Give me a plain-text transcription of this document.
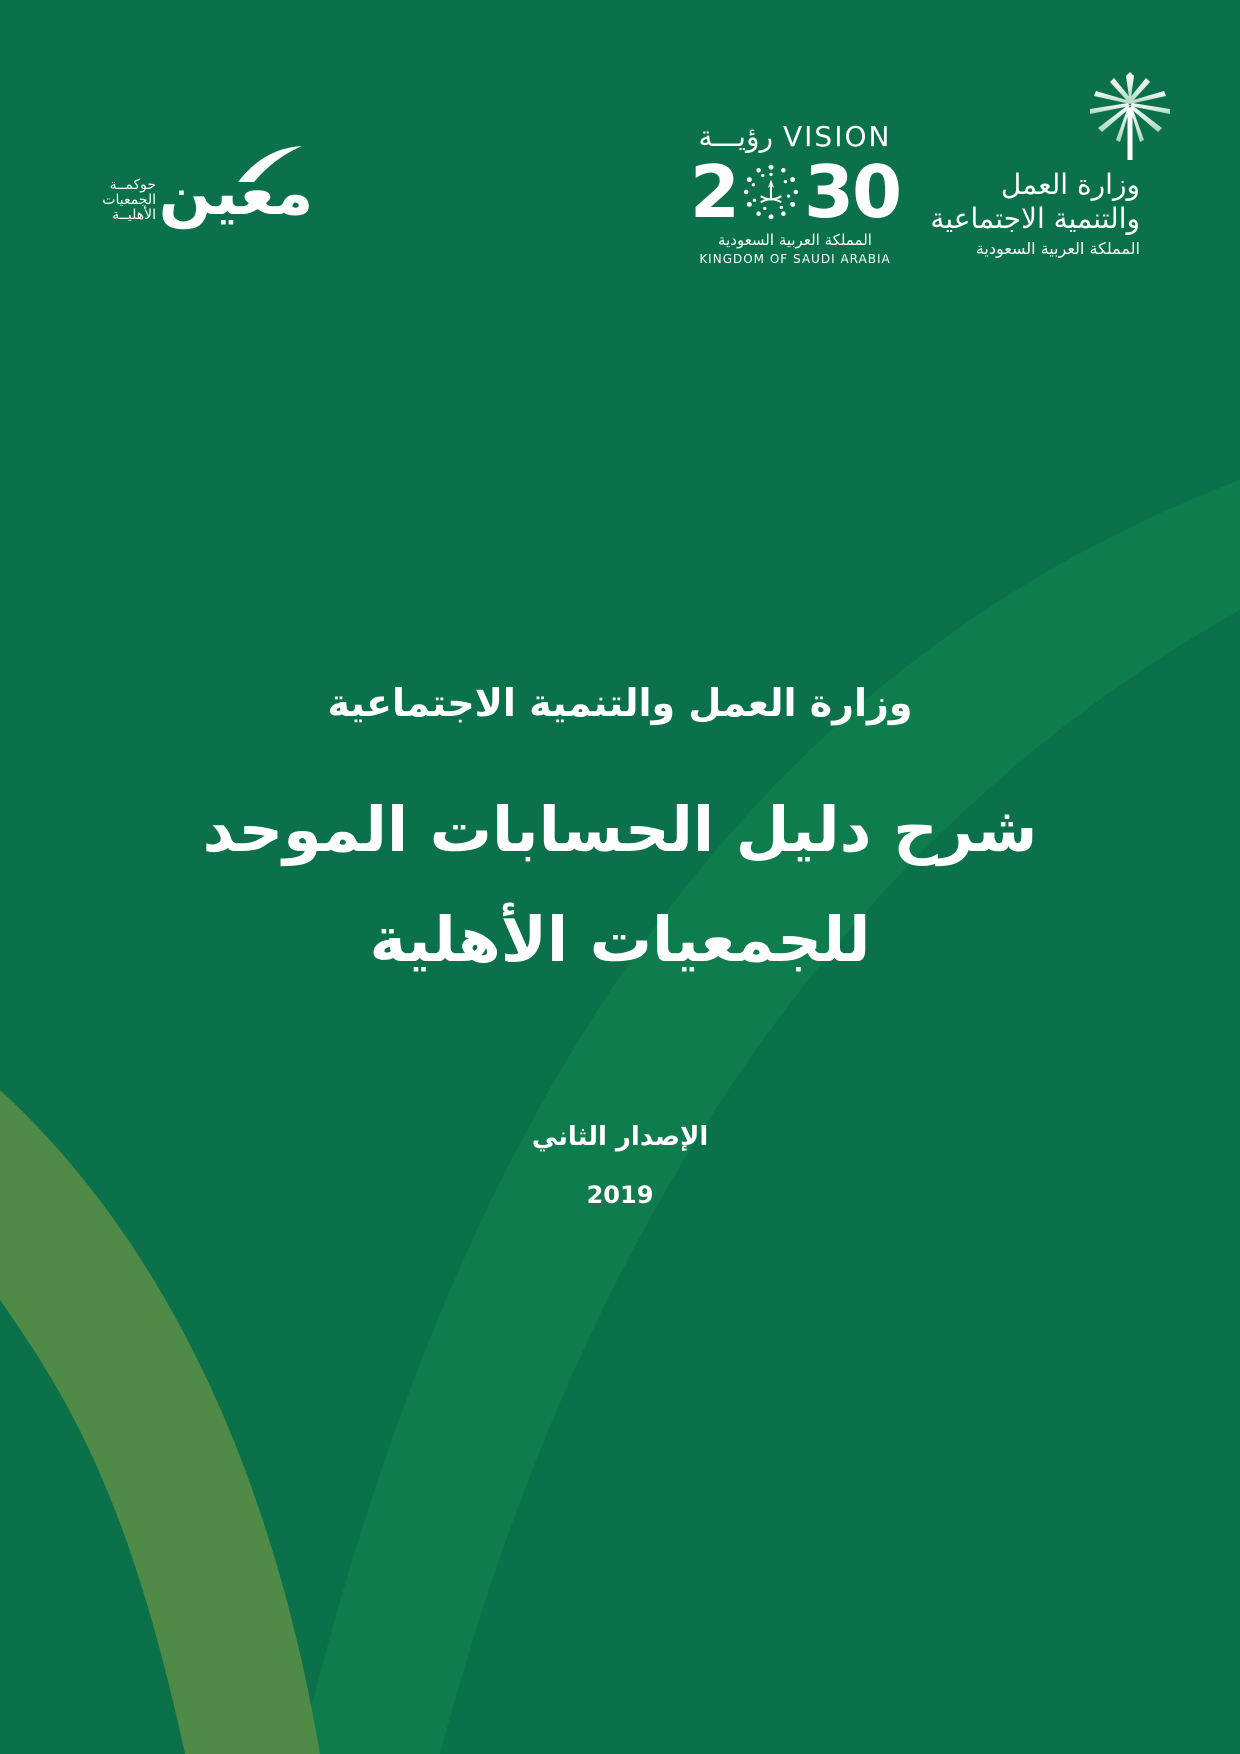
وزارة العمل
والتنمية الاجتماعية
المملكة العربية السعودية
VISION
رؤيـــة
2 30
المملكة العربية السعودية
KINGDOM OF SAUDI ARABIA
حوكمــة
الجمعيات
الأهليــة معين
وزارة العمل والتنمية الاجتماعية
شرح دليل الحسابات الموحد
للجمعيات الأهلية
الإصدار الثاني
2019
